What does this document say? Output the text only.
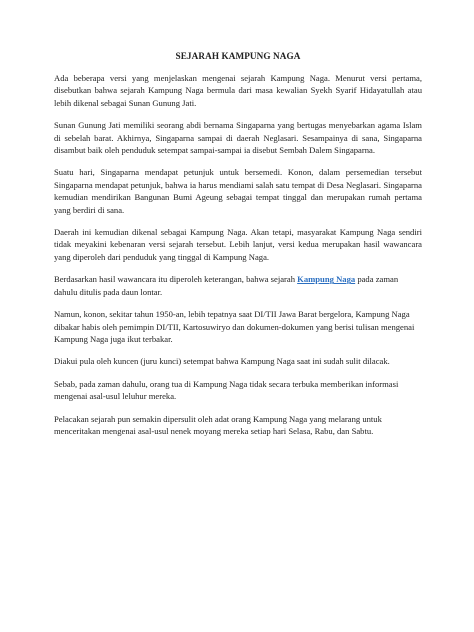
SEJARAH KAMPUNG NAGA

Ada beberapa versi yang menjelaskan mengenai sejarah Kampung Naga. Menurut versi pertama, disebutkan bahwa sejarah Kampung Naga bermula dari masa kewalian Syekh Syarif Hidayatullah atau lebih dikenal sebagai Sunan Gunung Jati.

Sunan Gunung Jati memiliki seorang abdi bernama Singaparna yang bertugas menyebarkan agama Islam di sebelah barat. Akhirnya, Singaparna sampai di daerah Neglasari. Sesampainya di sana, Singaparna disambut baik oleh penduduk setempat sampai-sampai ia disebut Sembah Dalem Singaparna.

Suatu hari, Singaparna mendapat petunjuk untuk bersemedi. Konon, dalam persemedian tersebut Singaparna mendapat petunjuk, bahwa ia harus mendiami salah satu tempat di Desa Neglasari. Singaparna kemudian mendirikan Bangunan Bumi Ageung sebagai tempat tinggal dan merupakan rumah pertama yang berdiri di sana.

Daerah ini kemudian dikenal sebagai Kampung Naga. Akan tetapi, masyarakat Kampung Naga sendiri tidak meyakini kebenaran versi sejarah tersebut. Lebih lanjut, versi kedua merupakan hasil wawancara yang diperoleh dari penduduk yang tinggal di Kampung Naga.

Berdasarkan hasil wawancara itu diperoleh keterangan, bahwa sejarah Kampung Naga pada zaman dahulu ditulis pada daun lontar.

Namun, konon, sekitar tahun 1950-an, lebih tepatnya saat DI/TII Jawa Barat bergelora, Kampung Naga dibakar habis oleh pemimpin DI/TII, Kartosuwiryo dan dokumen-dokumen yang berisi tulisan mengenai Kampung Naga juga ikut terbakar.

Diakui pula oleh kuncen (juru kunci) setempat bahwa Kampung Naga saat ini sudah sulit dilacak.

Sebab, pada zaman dahulu, orang tua di Kampung Naga tidak secara terbuka memberikan informasi mengenai asal-usul leluhur mereka.

Pelacakan sejarah pun semakin dipersulit oleh adat orang Kampung Naga yang melarang untuk menceritakan mengenai asal-usul nenek moyang mereka setiap hari Selasa, Rabu, dan Sabtu.
